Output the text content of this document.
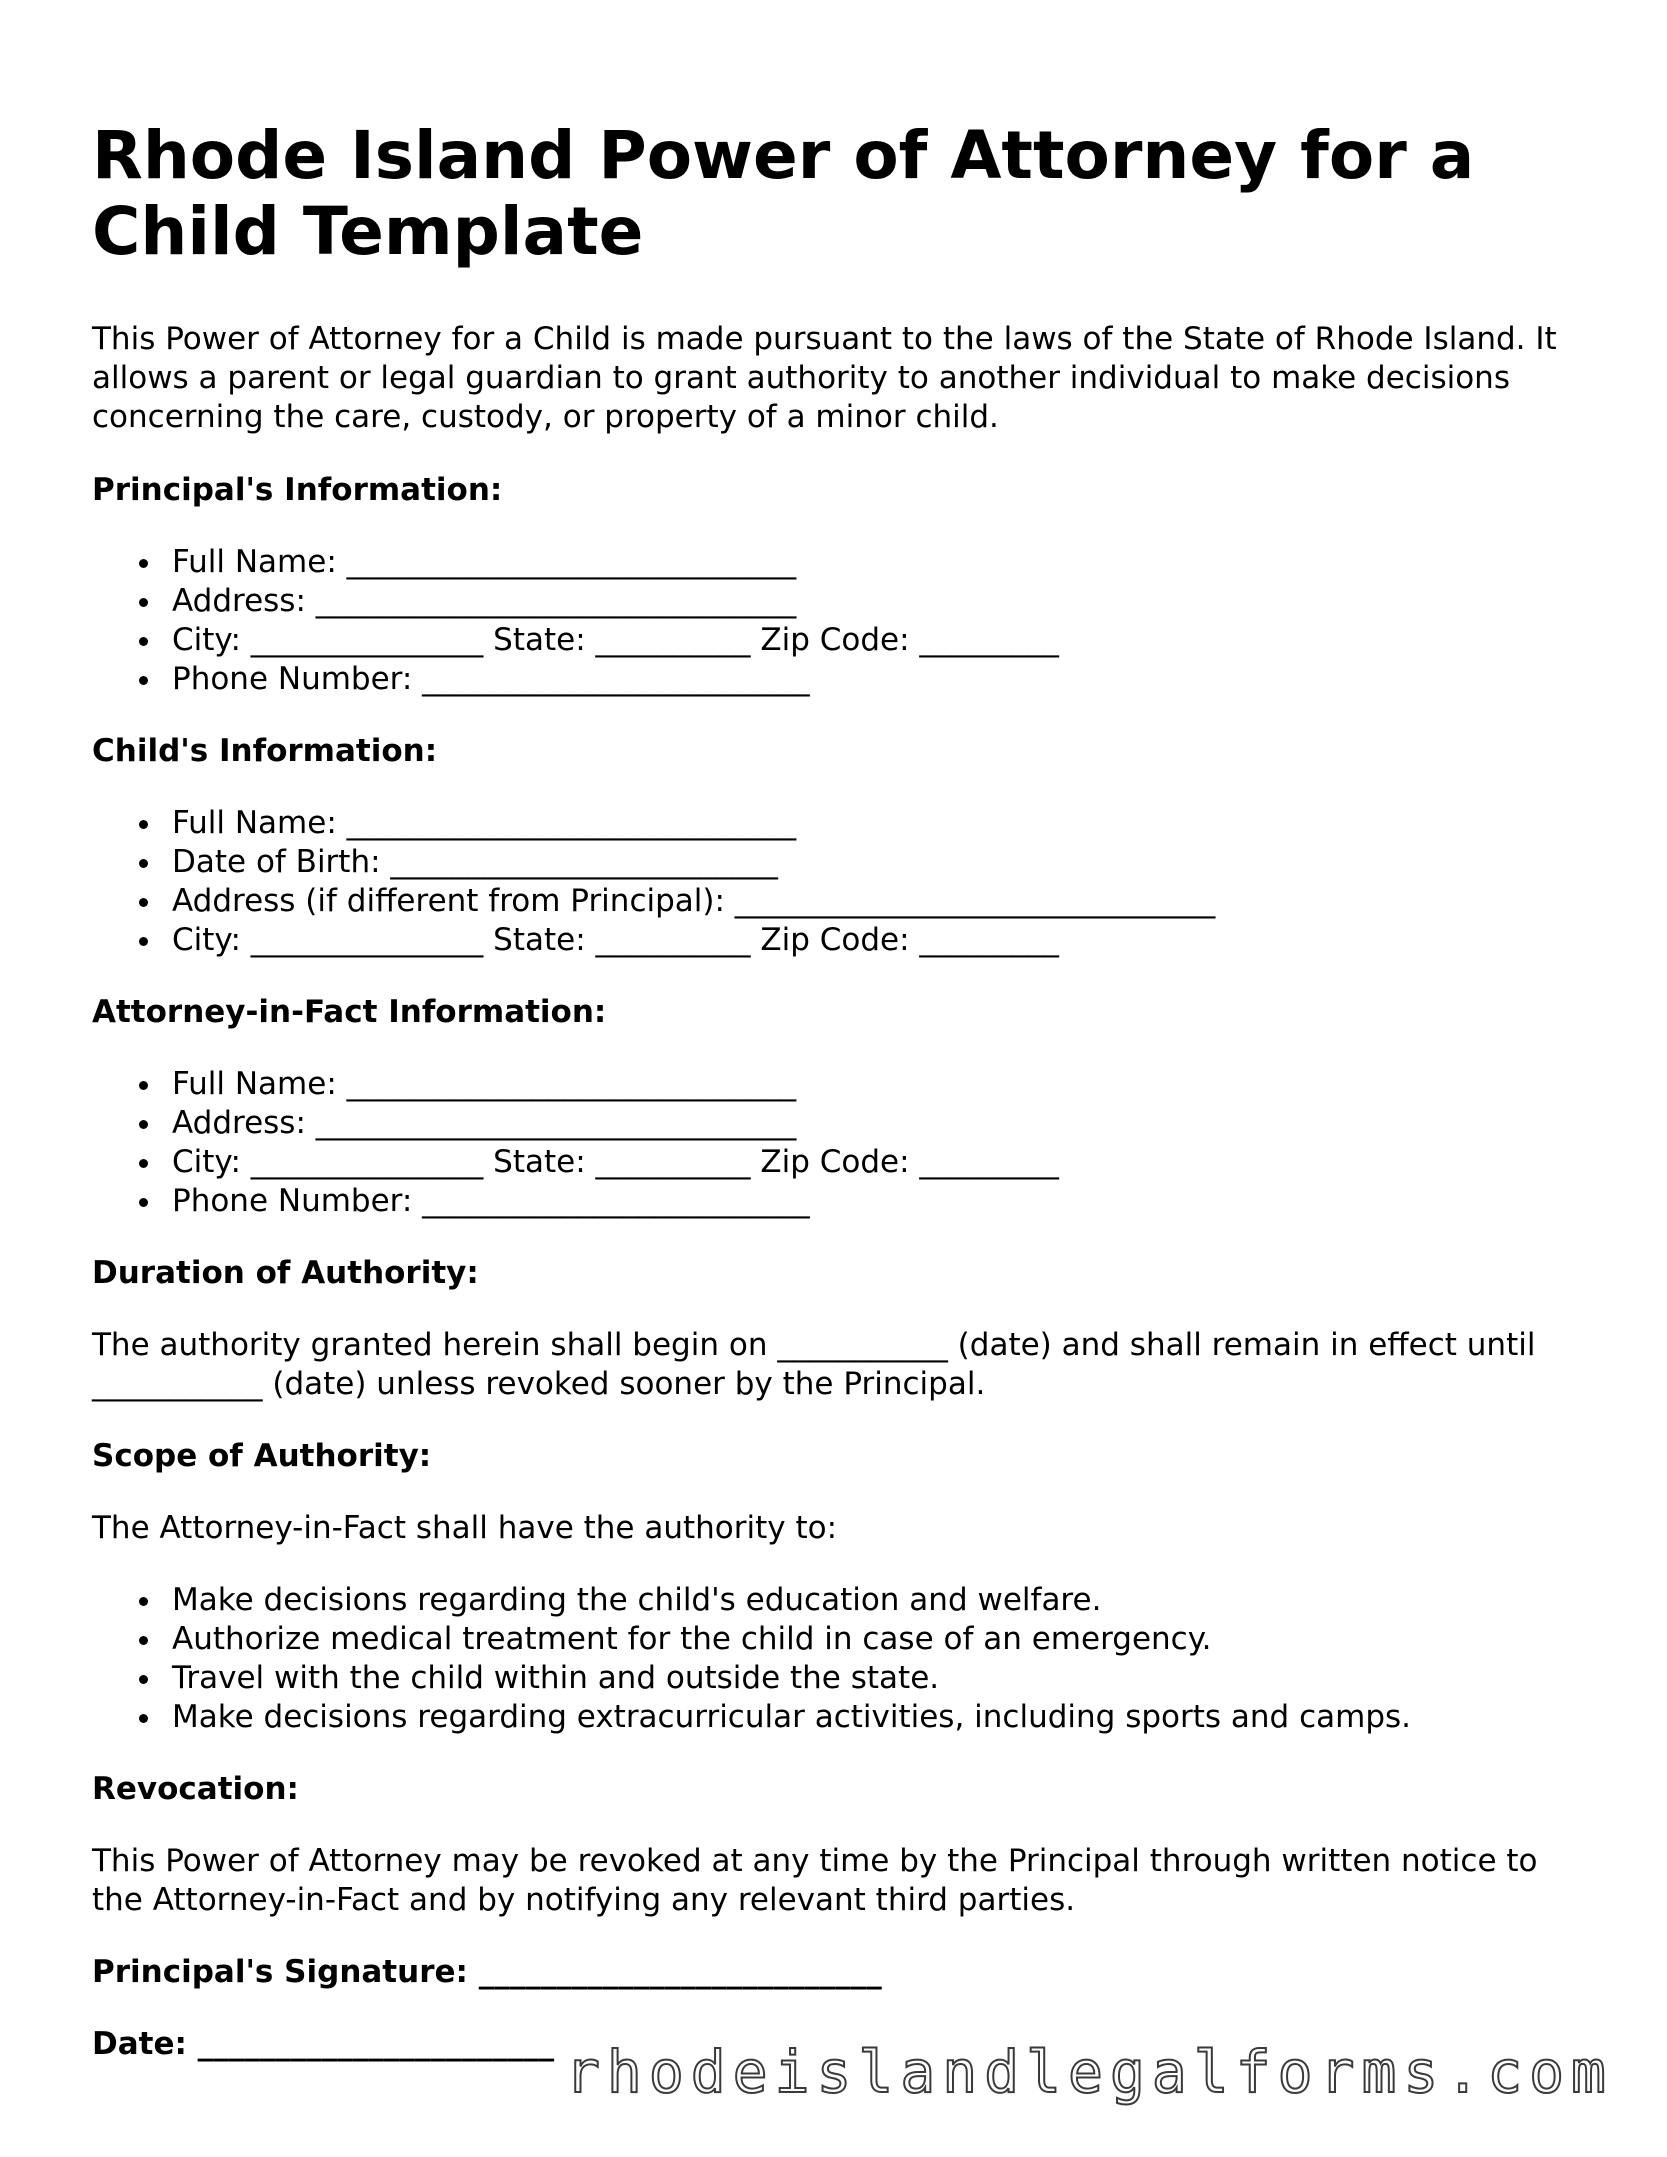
Rhode Island Power of Attorney for a Child Template

This Power of Attorney for a Child is made pursuant to the laws of the State of Rhode Island. It allows a parent or legal guardian to grant authority to another individual to make decisions concerning the care, custody, or property of a minor child.

Principal's Information:
Full Name: _____________________________
Address: _______________________________
City: _______________ State: __________ Zip Code: _________
Phone Number: _________________________
Child's Information:
Full Name: _____________________________
Date of Birth: _________________________
Address (if different from Principal): _______________________________
City: _______________ State: __________ Zip Code: _________
Attorney-in-Fact Information:
Full Name: _____________________________
Address: _______________________________
City: _______________ State: __________ Zip Code: _________
Phone Number: _________________________
Duration of Authority:

The authority granted herein shall begin on ___________ (date) and shall remain in effect until ___________ (date) unless revoked sooner by the Principal.

Scope of Authority:

The Attorney-in-Fact shall have the authority to:

Make decisions regarding the child's education and welfare.
Authorize medical treatment for the child in case of an emergency.
Travel with the child within and outside the state.
Make decisions regarding extracurricular activities, including sports and camps.
Revocation:

This Power of Attorney may be revoked at any time by the Principal through written notice to the Attorney-in-Fact and by notifying any relevant third parties.

Principal's Signature: __________________________
Date: _______________________ rhodeislandlegalforms.com
